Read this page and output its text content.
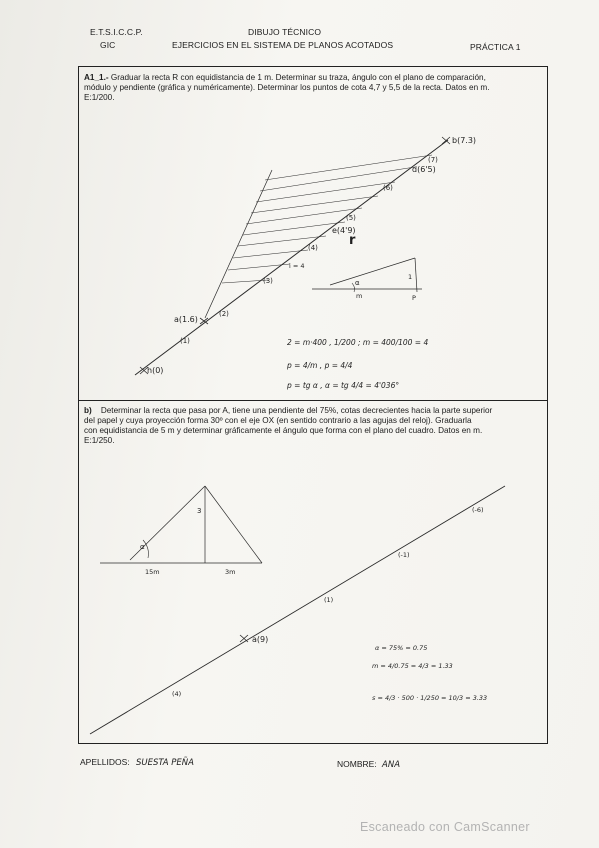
E.T.S.I.C.C.P.
GIC
DIBUJO TÉCNICO
EJERCICIOS EN EL SISTEMA DE PLANOS ACOTADOS	PRÁCTICA 1
A1_1.- Graduar la recta R con equidistancia de 1 m. Determinar su traza, ángulo con el plano de comparación,
módulo y pendiente (gráfica y numéricamente). Determinar los puntos de cota 4,7 y 5,5 de la recta. Datos en m.
E:1/200.
b) Determinar la recta que pasa por A, tiene una pendiente del 75%, cotas decrecientes hacia la parte superior
del papel y cuya proyección forma 30º con el eje OX (en sentido contrario a las agujas del reloj). Graduarla
con equidistancia de 5 m y determinar gráficamente el ángulo que forma con el plano del cuadro. Datos en m.
E:1/250.
b(7.3)
d(6'5)
e(4'9)
a(1.6)
h(0)
r
(7)
(6)
(5)
(4)
(3)
(2)
(1)
i = 4
1
α
m	P
2 = m·400 , 1/200 ; m = 400/100 = 4
p = 4/m , p = 4/4
p = tg α , α = tg 4/4 = 4'036°
a(9)
(-6)
(-1)
(1)
(4)
3
15m	3m
α
α = 75% = 0.75
m = 4/0.75 = 4/3 = 1.33
s = 4/3 · 500 · 1/250 = 10/3 = 3.33
APELLIDOS: SUESTA PEÑA	NOMBRE: ANA
Escaneado con CamScanner
